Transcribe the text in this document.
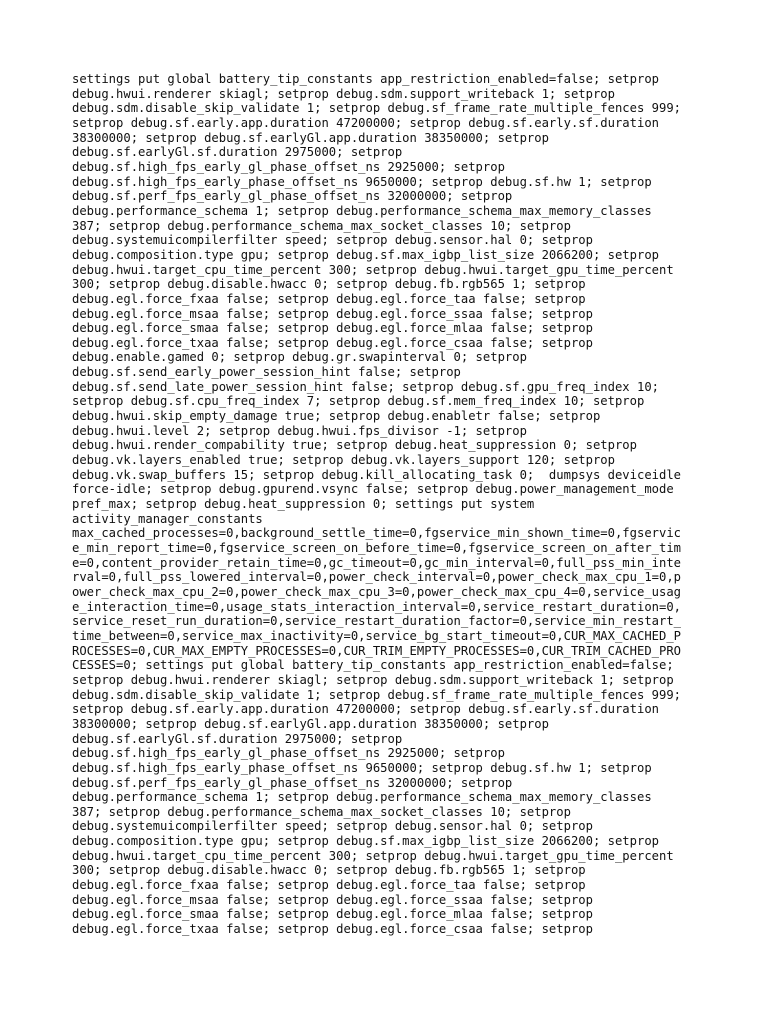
settings put global battery_tip_constants app_restriction_enabled=false; setprop
debug.hwui.renderer skiagl; setprop debug.sdm.support_writeback 1; setprop
debug.sdm.disable_skip_validate 1; setprop debug.sf_frame_rate_multiple_fences 999;
setprop debug.sf.early.app.duration 47200000; setprop debug.sf.early.sf.duration
38300000; setprop debug.sf.earlyGl.app.duration 38350000; setprop
debug.sf.earlyGl.sf.duration 2975000; setprop
debug.sf.high_fps_early_gl_phase_offset_ns 2925000; setprop
debug.sf.high_fps_early_phase_offset_ns 9650000; setprop debug.sf.hw 1; setprop
debug.sf.perf_fps_early_gl_phase_offset_ns 32000000; setprop
debug.performance_schema 1; setprop debug.performance_schema_max_memory_classes
387; setprop debug.performance_schema_max_socket_classes 10; setprop
debug.systemuicompilerfilter speed; setprop debug.sensor.hal 0; setprop
debug.composition.type gpu; setprop debug.sf.max_igbp_list_size 2066200; setprop
debug.hwui.target_cpu_time_percent 300; setprop debug.hwui.target_gpu_time_percent
300; setprop debug.disable.hwacc 0; setprop debug.fb.rgb565 1; setprop
debug.egl.force_fxaa false; setprop debug.egl.force_taa false; setprop
debug.egl.force_msaa false; setprop debug.egl.force_ssaa false; setprop
debug.egl.force_smaa false; setprop debug.egl.force_mlaa false; setprop
debug.egl.force_txaa false; setprop debug.egl.force_csaa false; setprop
debug.enable.gamed 0; setprop debug.gr.swapinterval 0; setprop
debug.sf.send_early_power_session_hint false; setprop
debug.sf.send_late_power_session_hint false; setprop debug.sf.gpu_freq_index 10;
setprop debug.sf.cpu_freq_index 7; setprop debug.sf.mem_freq_index 10; setprop
debug.hwui.skip_empty_damage true; setprop debug.enabletr false; setprop
debug.hwui.level 2; setprop debug.hwui.fps_divisor -1; setprop
debug.hwui.render_compability true; setprop debug.heat_suppression 0; setprop
debug.vk.layers_enabled true; setprop debug.vk.layers_support 120; setprop
debug.vk.swap_buffers 15; setprop debug.kill_allocating_task 0;  dumpsys deviceidle
force-idle; setprop debug.gpurend.vsync false; setprop debug.power_management_mode
pref_max; setprop debug.heat_suppression 0; settings put system
activity_manager_constants
max_cached_processes=0,background_settle_time=0,fgservice_min_shown_time=0,fgservic
e_min_report_time=0,fgservice_screen_on_before_time=0,fgservice_screen_on_after_tim
e=0,content_provider_retain_time=0,gc_timeout=0,gc_min_interval=0,full_pss_min_inte
rval=0,full_pss_lowered_interval=0,power_check_interval=0,power_check_max_cpu_1=0,p
ower_check_max_cpu_2=0,power_check_max_cpu_3=0,power_check_max_cpu_4=0,service_usag
e_interaction_time=0,usage_stats_interaction_interval=0,service_restart_duration=0,
service_reset_run_duration=0,service_restart_duration_factor=0,service_min_restart_
time_between=0,service_max_inactivity=0,service_bg_start_timeout=0,CUR_MAX_CACHED_P
ROCESSES=0,CUR_MAX_EMPTY_PROCESSES=0,CUR_TRIM_EMPTY_PROCESSES=0,CUR_TRIM_CACHED_PRO
CESSES=0; settings put global battery_tip_constants app_restriction_enabled=false;
setprop debug.hwui.renderer skiagl; setprop debug.sdm.support_writeback 1; setprop
debug.sdm.disable_skip_validate 1; setprop debug.sf_frame_rate_multiple_fences 999;
setprop debug.sf.early.app.duration 47200000; setprop debug.sf.early.sf.duration
38300000; setprop debug.sf.earlyGl.app.duration 38350000; setprop
debug.sf.earlyGl.sf.duration 2975000; setprop
debug.sf.high_fps_early_gl_phase_offset_ns 2925000; setprop
debug.sf.high_fps_early_phase_offset_ns 9650000; setprop debug.sf.hw 1; setprop
debug.sf.perf_fps_early_gl_phase_offset_ns 32000000; setprop
debug.performance_schema 1; setprop debug.performance_schema_max_memory_classes
387; setprop debug.performance_schema_max_socket_classes 10; setprop
debug.systemuicompilerfilter speed; setprop debug.sensor.hal 0; setprop
debug.composition.type gpu; setprop debug.sf.max_igbp_list_size 2066200; setprop
debug.hwui.target_cpu_time_percent 300; setprop debug.hwui.target_gpu_time_percent
300; setprop debug.disable.hwacc 0; setprop debug.fb.rgb565 1; setprop
debug.egl.force_fxaa false; setprop debug.egl.force_taa false; setprop
debug.egl.force_msaa false; setprop debug.egl.force_ssaa false; setprop
debug.egl.force_smaa false; setprop debug.egl.force_mlaa false; setprop
debug.egl.force_txaa false; setprop debug.egl.force_csaa false; setprop
